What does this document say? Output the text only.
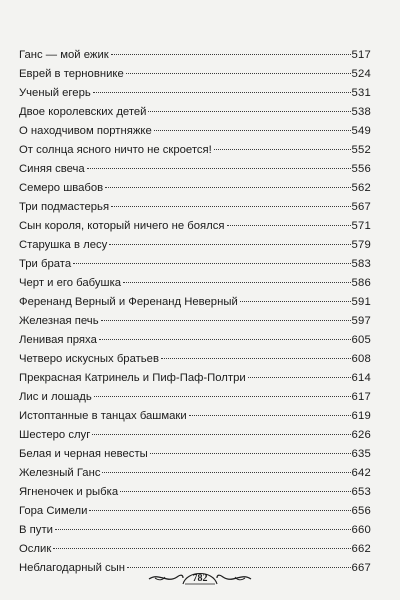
Ганс — мой ежик	517
Еврей в терновнике	524
Ученый егерь	531
Двое королевских детей	538
О находчивом портняжке	549
От солнца ясного ничто не скроется!	552
Синяя свеча	556
Семеро швабов	562
Три подмастерья	567
Сын короля, который ничего не боялся	571
Старушка в лесу	579
Три брата	583
Черт и его бабушка	586
Ференанд Верный и Ференанд Неверный	591
Железная печь	597
Ленивая пряха	605
Четверо искусных братьев	608
Прекрасная Катринель и Пиф-Паф-Полтри	614
Лис и лошадь	617
Истоптанные в танцах башмаки	619
Шестеро слуг	626
Белая и черная невесты	635
Железный Ганс	642
Ягненочек и рыбка	653
Гора Симели	656
В пути	660
Ослик	662
Неблагодарный сын	667
782
